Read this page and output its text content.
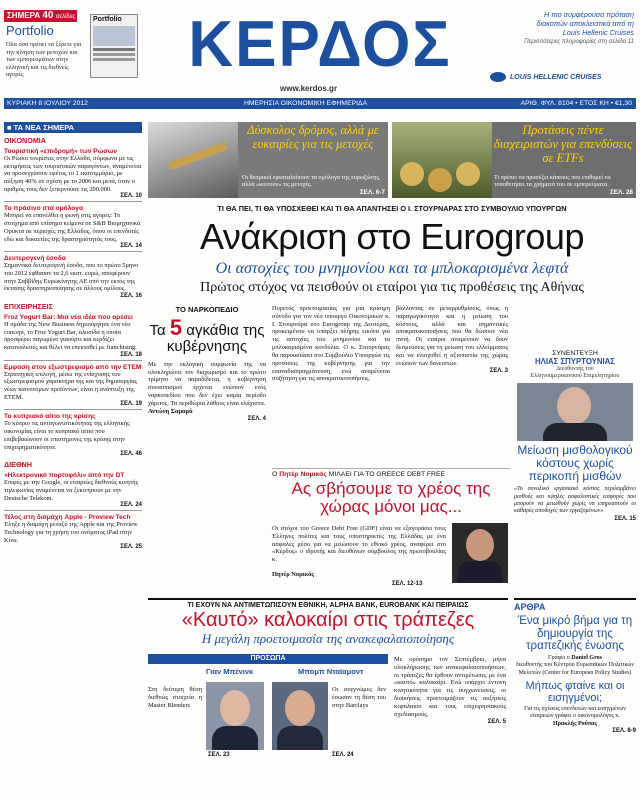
ΣΗΜΕΡΑ 40 σελίδες
Portfolio
Όλα όσα πρέπει να ξέρετε για την κίνηση των μετοχών και των εμπορευμάτων στην ελληνική και τις διεθνείς αγορές
Portfolio	ΚΕΡΔΟΣ
www.kerdos.gr
Η πιο συμφέρουσα πρόταση
διακοπών αποκλειστικά από τη
Louis Hellenic Cruises
Περισσότερες πληροφορίες στη σελίδα 11
LOUIS HELLENIC CRUISES
ΚΥΡΙΑΚΗ 8 ΙΟΥΛΙΟΥ 2012	ΗΜΕΡΗΣΙΑ ΟΙΚΟΝΟΜΙΚΗ ΕΦΗΜΕΡΙΔΑ	ΑΡΙΘ. ΦΥΛ. 8104 • ΕΤΟΣ ΚΗ • €1,30
Δύσκολος δρόμος, αλλά με ευκαιρίες για τις μετοχές
Οι θεσμικοί εγκαταλείπουν τα ομόλογα της ευρωζώνης, αλλά «κοιτούν» τις μετοχές.
ΣΕΛ. 6-7
Προτάσεις πέντε διαχειριστών για επενδύσεις σε ETFs
Τι πρέπει να προσέξει κάποιος που επιθυμεί να τοποθετήσει τα χρήματά του σε εμπορεύματα.
ΣΕΛ. 28
■ ΤΑ ΝΕΑ ΣΗΜΕΡΑ
ΟΙΚΟΝΟΜΙΑ
Τουριστική «επιδρομή» των Ρώσων
Οι Ρώσοι τουρίστες στην Ελλάδα, σύμφωνα με τις εκτιμήσεις των τουριστικών παραγόντων, αναμένεται να προσεγγίσουν εφέτος το 1 εκατομμύριο, με αύξηση 40% σε σχέση με το 2006 και μετά, όταν ο αριθμός τους δεν ξεπερνούσε τις 200.000.
ΣΕΛ. 10
Το πράσινο στα ομόλογα
Μπορεί να επανέλθει η φωνή στις αγορές: Το στοίχημα από επίσημα κείμενα σε S&B Βιομηχανικά Ορυκτά σε περιοχές της Ελλάδος, όπου οι επενδυτές εδώ και δεκαετίες της δραστηριότητάς τους.
ΣΕΛ. 14
Δευτερογενή έσοδα
Σημαντικά δευτερογενή έσοδα, που το πρώτο 5μηνο του 2012 έφθασαν τα 2,6 εκατ. ευρώ, αποφέρουν στην Σαββίδης Ευρωκίνητης ΑΕ από την εκτός της έκτασης δραστηριοποίησης σε άλλους ομίλους.
ΣΕΛ. 16
ΕΠΙΧΕΙΡΗΣΕΙΣ
Froz Yogurt Bar: Μια νέα ιδέα που αρέσει
Η ομάδα της New Business δημιούργησε ένα νέο concept, το Froz Yogurt Bar, αλυσίδα η οποία προσφέρει παγωμένο γιαούρτι και κερδίζει καταναλωτές και θέλει να επεκταθεί με franchising.
ΣΕΛ. 18
Εμφαση στον εξωστρεφισμό από την ΕΤΕΜ
Στρατηγική επιλογή, μέσω της ενίσχυσης του εξωστρεφισμού χαρακτήρα της και της δημιουργίας νέων καινοτόμων προϊόντων, είναι η ανάπτυξη της ΕΤΕΜ.
ΣΕΛ. 19
Το κυπριακό αίτιο της κρίσης
Το κύπριο τις ανταγωνιστικότητας της ελληνικής οικονομίας είναι το κυπριακό αίτιο που επιβεβαιώνουν οι επιστήμονες της κρίσης στην επιχειρηματικότητα.
ΣΕΛ. 46
ΔΙΕΘΝΗ
«Ηλεκτρονικό πορτοφόλι» από την DT
Επιφές με την Google, οι εταιρείες διεθνούς κινητής τηλεφωνίας αναμένεται να ξεκινήσουν με την Deutsche Telekom.
ΣΕΛ. 24
Τέλος στη διαμάχη Apple - Proview Tech
Έληξε η διαμάχη μεταξύ της Apple και της Proview Technology για τη χρήση του ονόματος iPad στην Κίνα.
ΣΕΛ. 25
ΤΙ ΘΑ ΠΕΙ, ΤΙ ΘΑ ΥΠΟΣΧΕΘΕΙ ΚΑΙ ΤΙ ΘΑ ΑΠΑΝΤΗΣΕΙ Ο Ι. ΣΤΟΥΡΝΑΡΑΣ ΣΤΟ ΣΥΜΒΟΥΛΙΟ ΥΠΟΥΡΓΩΝ
Ανάκριση στο Eurogroup
Οι αστοχίες του μνημονίου και τα μπλοκαρισμένα λεφτά
Πρώτος στόχος να πεισθούν οι εταίροι για τις προθέσεις της Αθήνας
ΤΟ ΝΑΡΚΟΠΕΔΙΟ
Τα 5 αγκάθια της κυβέρνησης
Με την εκλογική συμφωνία της να ολοκληρώνει τον διαχωρισμό και το πρώτο τρίμηνο να παραδίδεται, η κυβέρνηση συνασπισμού έρχεται ενώπιον ενός ναρκοπεδίου που δεν έχει καμία περίοδο χάριτος. Τα περιθώρια λάθους είναι ελάχιστα.
Αντώνη Σαμαρά
ΣΕΛ. 4
Πυρετός προετοιμασίας για μια κρίσιμη σύνοδο για τον νέο υπουργό Οικονομικών κ. Ι. Στουρνάρα στο Eurogroup της Δευτέρας, προκειμένου να υπάρξει πλήρης εικόνα για τις αστοχίες του μνημονίου και τα μπλοκαρισμένα κονδύλια. Ο κ. Στουρνάρας θα παρουσιάσει στο Συμβούλιο Υπουργών τις προτάσεις της κυβέρνησης για την επαναδιαπραγμάτευση, ενώ αναμένεται συζήτηση για τις αποκρατικοποιήσεις.
βάλλοντας σε μεταρρυθμίσεις, όπως η παραγωγικότητα και η μείωση του κόστους, αλλά και σημαντικές αποκρατικοποιήσεις που θα δώσουν νέα πνοή. Οι εταίροι αναμένουν να δουν δεσμεύσεις για τη μείωση του ελλείμματος και να ενισχυθεί η αξιοπιστία της χώρας ενώπιον των δανειστών.
ΣΕΛ. 3
Ο Πητέρ Νομικός ΜΙΛΑΕΙ ΓΙΑ ΤΟ GREECE DEBT FREE
Ας σβήσουμε το χρέος της χώρας μόνοι μας...
Οι στόχοι του Greece Debt Free (GDF) είναι να εξαγοράσει τους Έλληνες πολίτες και τους υποστηρικτές της Ελλάδας με ένα ασφαλές μέσο για να μειώσουν το εθνικό χρέος, αναφέρει στο «Κέρδος» ο ιδρυτής και διευθύνων σύμβουλος της πρωτοβουλίας κ.
Πητέρ Νομικός
ΣΕΛ. 12-13
ΣΥΝΕΝΤΕΥΞΗ
ΗΛΙΑΣ ΣΠΥΡΤΟΥΝΙΑΣ
Διευθυντής του
Ελληνοαμερικανικού Επιμελητηρίου
Μείωση μισθολογικού κόστους χωρίς περικοπή μισθών
«Το συνολικό εργασιακό κόστος περιλαμβάνει μισθούς και υψηλές ασφαλιστικές εισφορές που μπορούν να μειωθούν χωρίς να επηρεαστούν οι καθαρές αποδοχές των εργαζομένων»
ΣΕΛ. 15
ΤΙ ΕΧΟΥΝ ΝΑ ΑΝΤΙΜΕΤΩΠΙΣΟΥΝ ΕΘΝΙΚΗ, ALPHA BANK, EUROBANK ΚΑΙ ΠΕΙΡΑΙΩΣ
«Καυτό» καλοκαίρι στις τράπεζες
Η μεγάλη προετοιμασία της ανακεφαλαιοποίησης
ΠΡΟΣΩΠΑ
Γιαν Μπένινκ	Μπομπ Νταϊαμοντ
Στη δεύτερη θέση διεθνώς στοιχεία η Master Blenders
ΣΕΛ. 23
Οι συγγνώμες δεν έσωσαν τη θέση του στην Barclays
ΣΕΛ. 24
Με ορόσημο τον Σεπτέμβριο, μήνα ολοκλήρωσης των ανακεφαλαιοποιήσεων, οι τράπεζες θα έρθουν αντιμέτωπες με ένα «καυτό» καλοκαίρι. Ενώ υπάρχει έντονη κινητικότητα για τις συγχωνεύσεις, οι διοικήσεις προετοιμάζουν τις αυξήσεις κεφαλαίου και τους επιχειρησιακούς σχεδιασμούς.
ΣΕΛ. 5
ΑΡΘΡΑ
Ένα μικρό βήμα για τη δημιουργία της τραπεζικής ένωσης
Γράφει ο Daniel Gros
διευθυντής του Κέντρου Ευρωπαϊκών Πολιτικών Μελετών (Center for European Policy Studies)
Μήπως φταίνε και οι εισηγμένοι;
Για τις σχέσεις επενδυτών και εισηγμένων εταιρειών γράφει ο οικονομολόγος κ.
Ηρακλής Ρούπας
ΣΕΛ. 8-9
